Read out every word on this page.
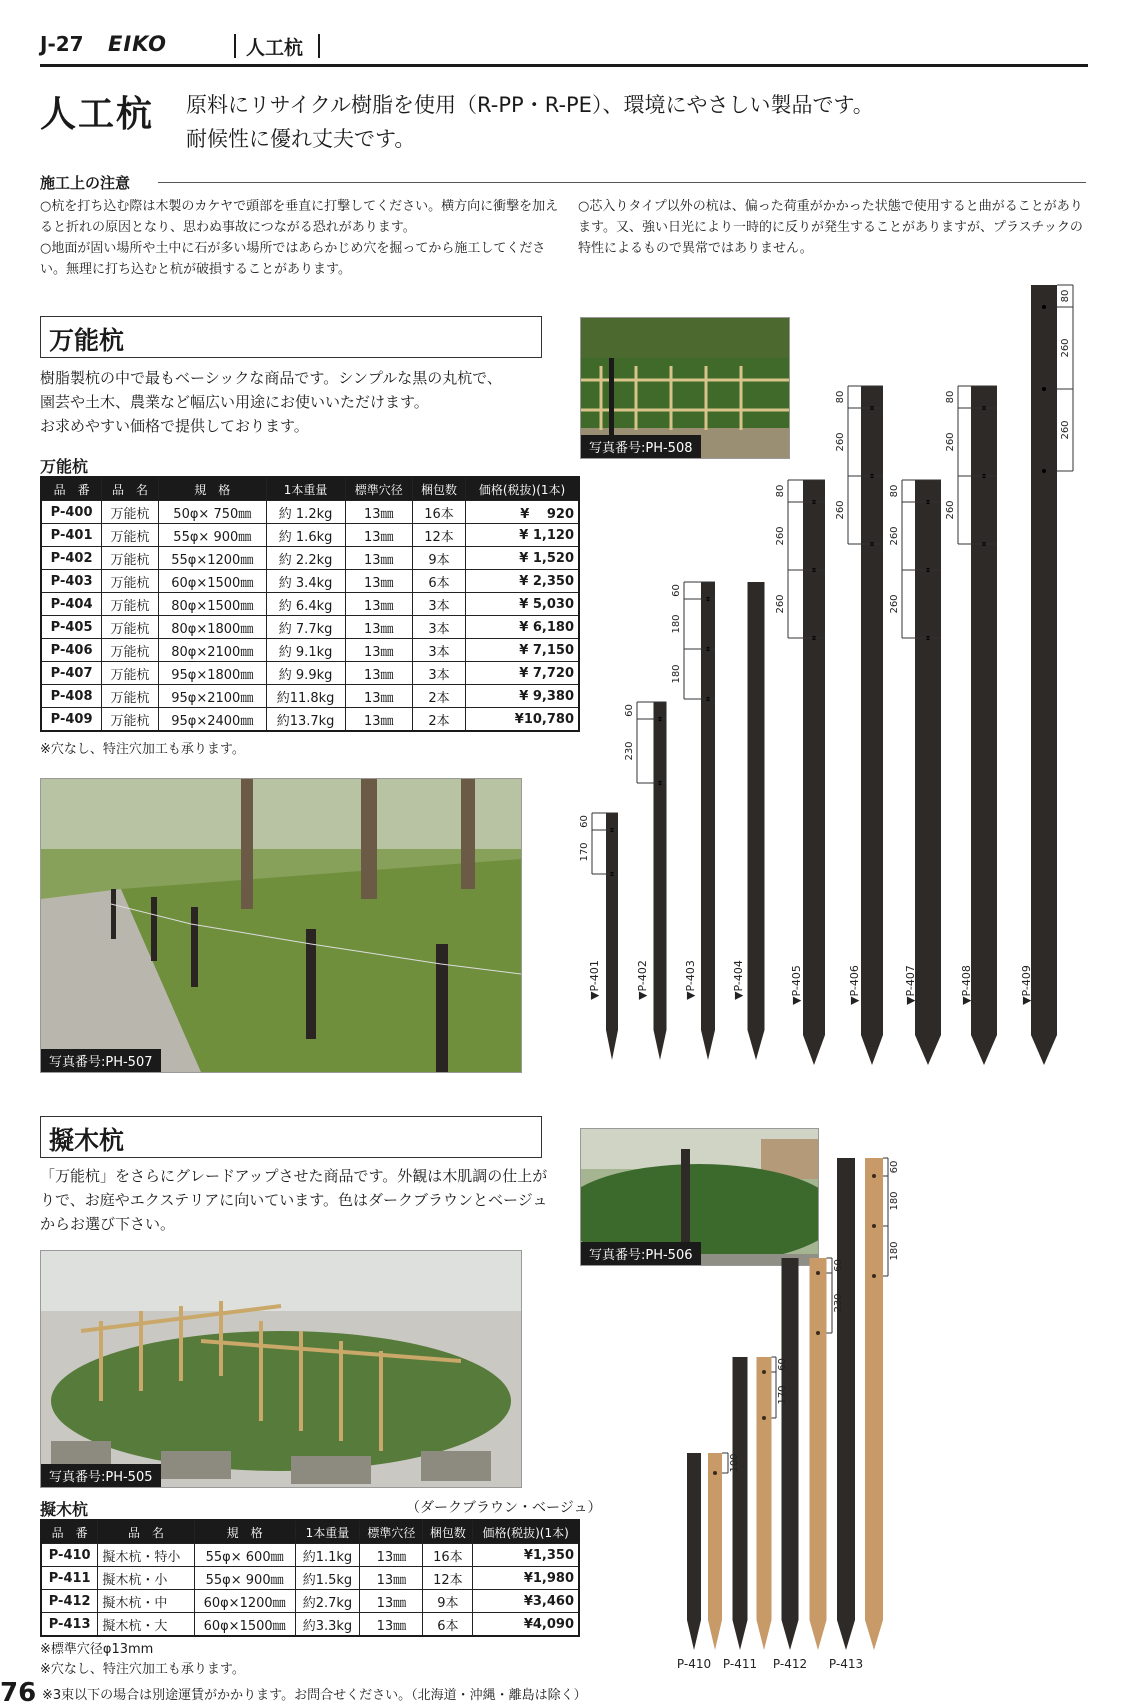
J-27 EIKO	人工杭
人工杭 原料にリサイクル樹脂を使用（R-PP・R-PE）、環境にやさしい製品です。
耐候性に優れ丈夫です。
施工上の注意
○杭を打ち込む際は木製のカケヤで頭部を垂直に打撃してください。横方向に衝撃を加えると折れの原因となり、思わぬ事故につながる恐れがあります。
○地面が固い場所や土中に石が多い場所ではあらかじめ穴を掘ってから施工してください。無理に打ち込むと杭が破損することがあります。
○芯入りタイプ以外の杭は、偏った荷重がかかった状態で使用すると曲がることがあります。又、強い日光により一時的に反りが発生することがありますが、プラスチックの特性によるもので異常ではありません。
万能杭
樹脂製杭の中で最もベーシックな商品です。シンプルな黒の丸杭で、
園芸や土木、農業など幅広い用途にお使いいただけます。
お求めやすい価格で提供しております。
万能杭
品　番	品　名	規　格	1本重量	標準穴径	梱包数	価格(税抜)(1本)
P-400	万能杭	50φ× 750㎜	約 1.2kg	13㎜	16本	¥　 920
P-401	万能杭	55φ× 900㎜	約 1.6kg	13㎜	12本	¥ 1,120
P-402	万能杭	55φ×1200㎜	約 2.2kg	13㎜	9本	¥ 1,520
P-403	万能杭	60φ×1500㎜	約 3.4kg	13㎜	6本	¥ 2,350
P-404	万能杭	80φ×1500㎜	約 6.4kg	13㎜	3本	¥ 5,030
P-405	万能杭	80φ×1800㎜	約 7.7kg	13㎜	3本	¥ 6,180
P-406	万能杭	80φ×2100㎜	約 9.1kg	13㎜	3本	¥ 7,150
P-407	万能杭	95φ×1800㎜	約 9.9kg	13㎜	3本	¥ 7,720
P-408	万能杭	95φ×2100㎜	約11.8kg	13㎜	2本	¥ 9,380
P-409	万能杭	95φ×2400㎜	約13.7kg	13㎜	2本	¥10,780
※穴なし、特注穴加工も承ります。
写真番号:PH-508
写真番号:PH-507
60
170
▼P-401
60
230
▼P-402
60
180
180
▼P-403	▼P-404
80
260
260
▼P-405
80
260
260
▼P-406
80
260
260
▼P-407
80
260
260
▼P-408
80
260
260
▼P-409
擬木杭
「万能杭」をさらにグレードアップさせた商品です。外観は木肌調の仕上が
りで、お庭やエクステリアに向いています。色はダークブラウンとベージュ
からお選び下さい。
写真番号:PH-506
写真番号:PH-505
擬木杭	（ダークブラウン・ベージュ）
品　番	品　名	規　格	1本重量	標準穴径	梱包数	価格(税抜)(1本)
P-410	擬木杭・特小	55φ× 600㎜	約1.1kg	13㎜	16本	¥1,350
P-411	擬木杭・小	55φ× 900㎜	約1.5kg	13㎜	12本	¥1,980
P-412	擬木杭・中	60φ×1200㎜	約2.7kg	13㎜	9本	¥3,460
P-413	擬木杭・大	60φ×1500㎜	約3.3kg	13㎜	6本	¥4,090
※標準穴径φ13mm
※穴なし、特注穴加工も承ります。	P-410 P-411 P-412 P-413
100
60
170
60
230
60
180
180
76 ※3束以下の場合は別途運賃がかかります。お問合せください。（北海道・沖縄・離島は除く）
